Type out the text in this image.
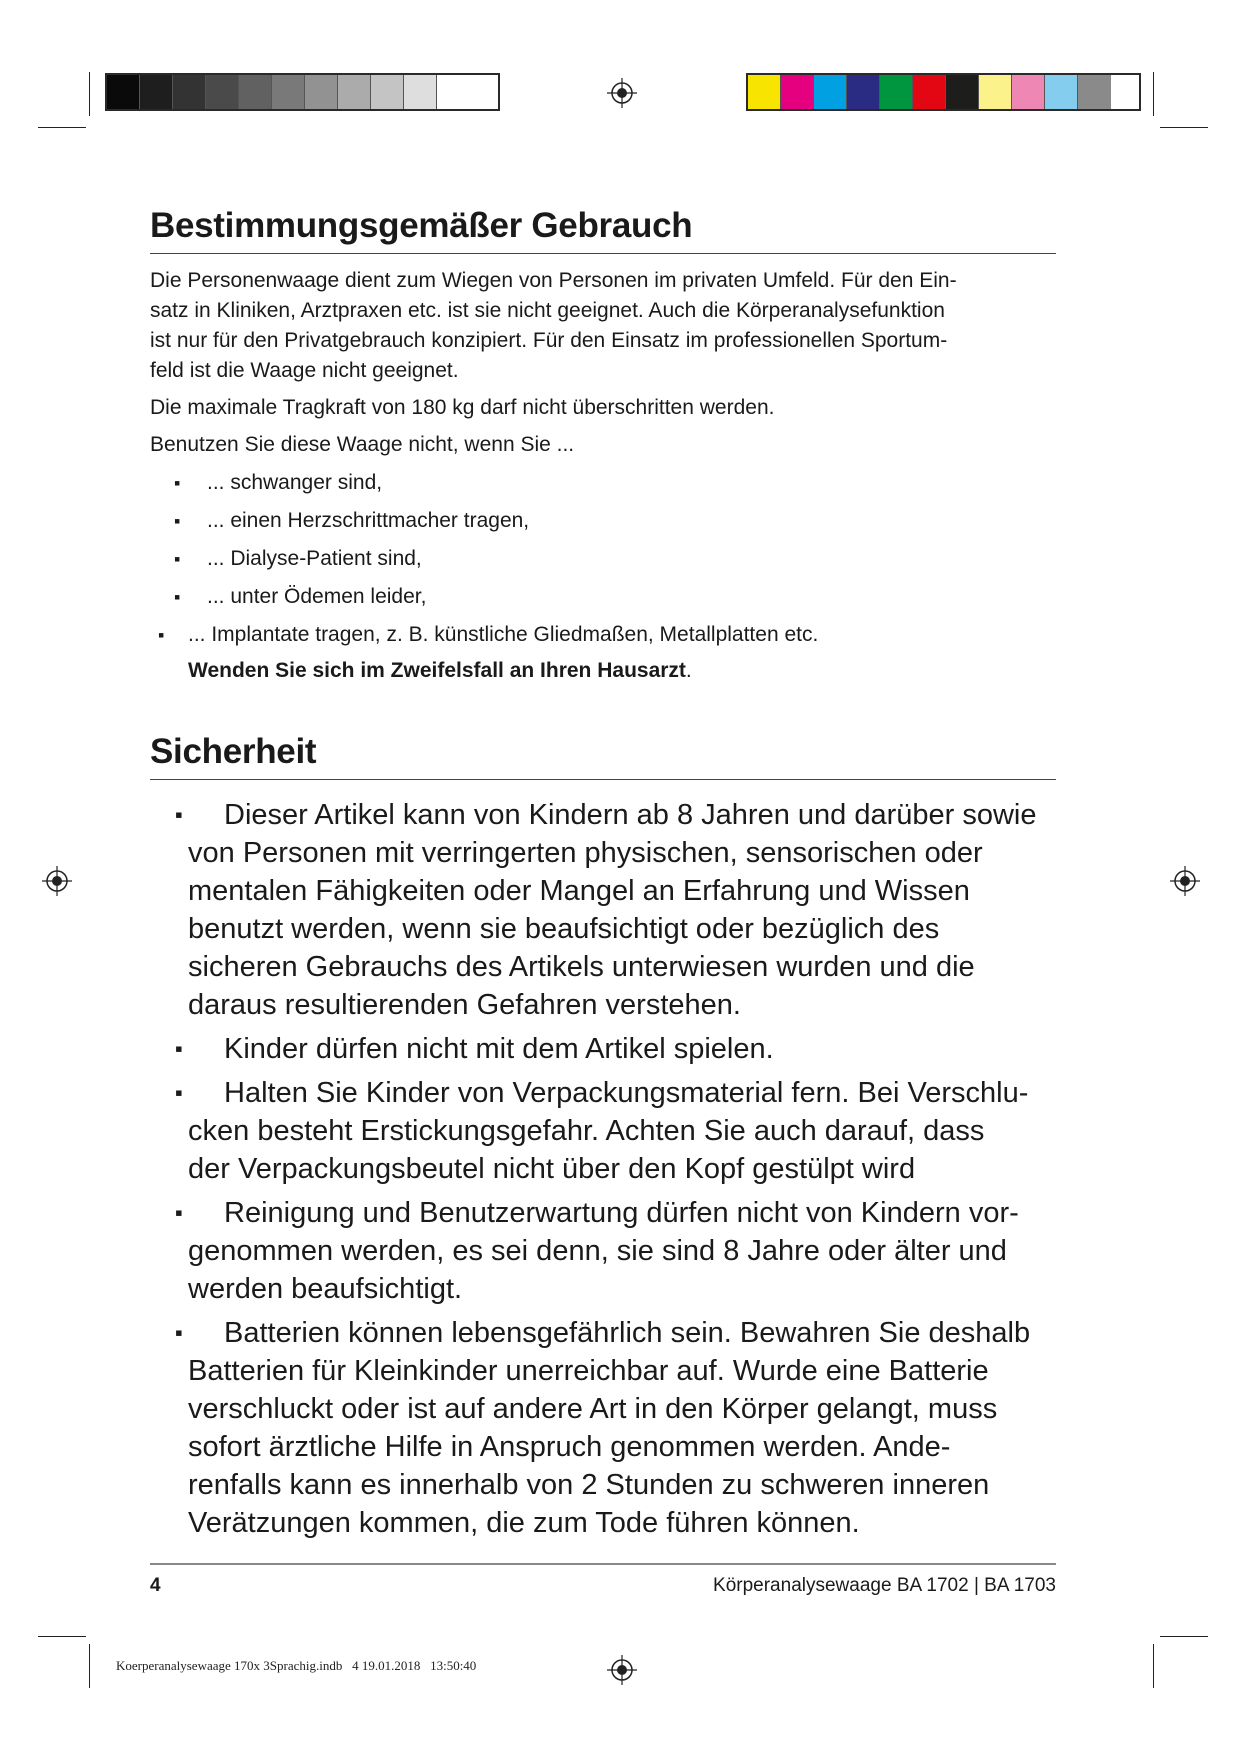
Bestimmungsgemäßer Gebrauch

Die Personenwaage dient zum Wiegen von Personen im privaten Umfeld. Für den Ein-
satz in Kliniken, Arztpraxen etc. ist sie nicht geeignet. Auch die Körperanalysefunktion
ist nur für den Privatgebrauch konzipiert. Für den Einsatz im professionellen Sportum-
feld ist die Waage nicht geeignet.

Die maximale Tragkraft von 180 kg darf nicht überschritten werden.

Benutzen Sie diese Waage nicht, wenn Sie ...

▪ ... schwanger sind,
▪ ... einen Herzschrittmacher tragen,
▪ ... Dialyse-Patient sind,
▪ ... unter Ödemen leider,
▪ ... Implantate tragen, z. B. künstliche Gliedmaßen, Metallplatten etc.

Wenden Sie sich im Zweifelsfall an Ihren Hausarzt.

Sicherheit
▪ Dieser Artikel kann von Kindern ab 8 Jahren und darüber sowie
von Personen mit verringerten physischen, sensorischen oder
mentalen Fähigkeiten oder Mangel an Erfahrung und Wissen
benutzt werden, wenn sie beaufsichtigt oder bezüglich des
sicheren Gebrauchs des Artikels unterwiesen wurden und die
daraus resultierenden Gefahren verstehen.
▪ Kinder dürfen nicht mit dem Artikel spielen.
▪ Halten Sie Kinder von Verpackungsmaterial fern. Bei Verschlu-
cken besteht Erstickungsgefahr. Achten Sie auch darauf, dass
der Verpackungsbeutel nicht über den Kopf gestülpt wird
▪ Reinigung und Benutzerwartung dürfen nicht von Kindern vor-
genommen werden, es sei denn, sie sind 8 Jahre oder älter und
werden beaufsichtigt.
▪ Batterien können lebensgefährlich sein. Bewahren Sie deshalb
Batterien für Kleinkinder unerreichbar auf. Wurde eine Batterie
verschluckt oder ist auf andere Art in den Körper gelangt, muss
sofort ärztliche Hilfe in Anspruch genommen werden. Ande-
renfalls kann es innerhalb von 2 Stunden zu schweren inneren
Verätzungen kommen, die zum Tode führen können.
4	Körperanalysewaage BA 1702 | BA 1703
Koerperanalysewaage 170x 3Sprachig.indb   4 19.01.2018   13:50:40
